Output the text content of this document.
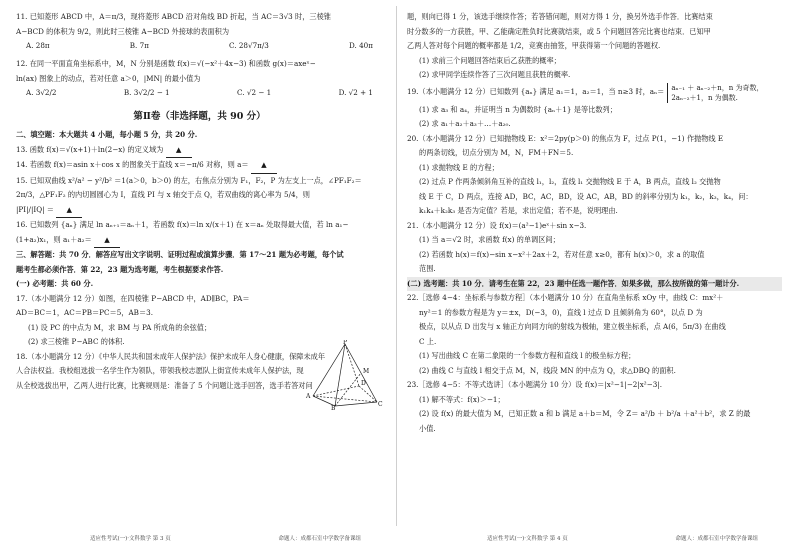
11. 已知菱形 ABCD 中，A＝π/3，现将菱形 ABCD 沿对角线 BD 折起，当 AC＝3√3 时，三棱锥

A−BCD 的体积为 9/2，则此时三棱锥 A−BCD 外接球的表面积为

A. 28π	B. 7π	C. 28√7π/3	D. 40π

12. 在同一平面直角坐标系中，M，N 分别是函数 f(x)＝√(−x²＋4x−3) 和函数 g(x)＝axeˣ−

ln(ax) 图象上的动点，若对任意 a＞0，|MN| 的最小值为

A. 3√2/2	B. 3√2/2 − 1	C. √2 − 1	D. √2 + 1
第Ⅱ卷（非选择题，共 90 分）

二、填空题：本大题共 4 小题，每小题 5 分，共 20 分.

13. 函数 f(x)＝√(x+1)＋ln(2−x) 的定义域为 ▲

14. 若函数 f(x)＝asin x＋cos x 的图象关于直线 x＝−π/6 对称，则 a＝ ▲

15. 已知双曲线 x²/a² − y²/b² ＝1(a＞0，b＞0) 的左，右焦点分别为 F₁，F₂，P 为左支上一点，∠PF₁F₂＝

2π/3，△PF₁F₂ 的内切圆圆心为 I，直线 PI 与 x 轴交于点 Q，若双曲线的离心率为 5/4，则

|PI|/|IQ| ＝ ▲

16. 已知数列 {aₙ} 满足 ln aₙ₊₁＝aₙ＋1，若函数 f(x)＝ln x/(x＋1) 在 x＝aₙ 处取得最大值，若 ln a₁−

(1+a₂)x₁，则 a₁＋a₂＝ ▲

三、解答题：共 70 分．解答应写出文字说明、证明过程或演算步骤．第 17～21 题为必考题，每个试

题考生都必须作答．第 22，23 题为选考题，考生根据要求作答.

(一) 必考题：共 60 分.

17.（本小题满分 12 分）如图，在四棱锥 P−ABCD 中，AD∥BC，PA＝

AD＝BC＝1，AC＝PB＝PC＝5，AB＝3.

(1) 设 PC 的中点为 M，求 BM 与 PA 所成角的余弦值；

(2) 求三棱锥 P−ABC 的体积.

18.（本小题满分 12 分）《中华人民共和国未成年人保护法》保护未成年人身心健康，保障未成年

人合法权益．我校组选拔一名学生作为领队，带领我校志愿队上街宣传未成年人保护法，现

从全校选拔出甲，乙两人进行比赛，比赛规则是：准备了 5 个问题让选手回答，选手若答对问

P
A
B
C
D
M
适应性考试(一)·文科数学 第 3 页	命题人：成都石室中学数学备课组

题，则向已得 1 分，该选手继续作答；若答错问题，则对方得 1 分，换另外选手作答．比赛结束

时分数多的一方获胜，甲、乙能确定胜负时比赛就结束，或 5 个问题回答完比赛也结束．已知甲

乙两人答对每个问题的概率都是 1/2，竞赛由抽签，甲获得第一个问题的答题权.

(1) 求前三个问题回答结束后乙获胜的概率；

(2) 求甲同学连续作答了三次问题且获胜的概率.

19.（本小题满分 12 分）已知数列 {aₙ} 满足 a₁＝1，a₂＝1，当 n≥3 时，aₙ＝ aₙ₋₁ ＋ aₙ₋₂＋n，n 为奇数，
2aₙ₋₂＋1，n 为偶数.

(1) 求 a₃ 和 a₄，并证明当 n 为偶数时 {aₙ＋1} 是等比数列；

(2) 求 a₁＋a₂＋a₃＋…＋a₂₀.

20.（本小题满分 12 分）已知抛物线 E：x²＝2py(p＞0) 的焦点为 F，过点 P(1，−1) 作抛物线 E

的两条切线，切点分别为 M，N，FM＋FN＝5.

(1) 求抛物线 E 的方程；

(2) 过点 P 作两条倾斜角互补的直线 l₁，l₂，直线 l₁ 交抛物线 E 于 A，B 两点，直线 l₂ 交抛物

线 E 于 C，D 两点，连接 AD，BC，AC，BD，设 AC，AB，BD 的斜率分别为 k₁，k₂，k₃，k₄，问：

k₁k₄＋k₂k₃ 是否为定值？若是，求出定值；若不是，说明理由.

21.（本小题满分 12 分）设 f(x)＝(a²−1)eˣ＋sin x−3.

(1) 当 a＝√2 时，求函数 f(x) 的单调区间；

(2) 若函数 h(x)＝f(x)−sin x−x²＋2ax＋2，若对任意 x≥0，都有 h(x)＞0，求 a 的取值

范围.

(二) 选考题：共 10 分．请考生在第 22，23 题中任选一题作答．如果多做，那么按所做的第一题计分.

22.［选修 4−4：坐标系与参数方程］（本小题满分 10 分）在直角坐标系 xOy 中，曲线 C：mx²＋

ny²＝1 的参数方程是为 y＝±x，D(−3，0)，直线 l 过点 D 且倾斜角为 60°，以点 D 为

极点，以从点 D 出发与 x 轴正方向同方向的射线为极轴，建立极坐标系，点 A(6，5π/3) 在曲线

C 上.

(1) 写出曲线 C 在第二象限的一个参数方程和直线 l 的极坐标方程；

(2) 曲线 C 与直线 l 相交于点 M，N，线段 MN 的中点为 Q，求△DBQ 的面积.

23.［选修 4−5：不等式选讲］（本小题满分 10 分）设 f(x)＝|x²−1|−2|x²−3|.

(1) 解不等式：f(x)＞−1；

(2) 设 f(x) 的最大值为 M，已知正数 a 和 b 满足 a＋b＝M，令 Z＝ a²/b ＋ b²/a ＋a²＋b²，求 Z 的最

小值.

适应性考试(一)·文科数学 第 4 页	命题人：成都石室中学数学备课组
